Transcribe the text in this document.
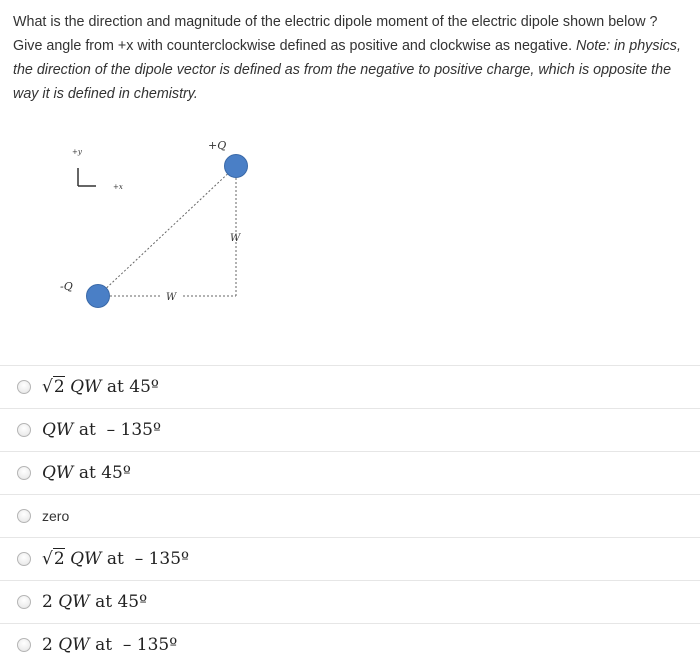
What is the direction and magnitude of the electric dipole moment of the electric dipole shown below ? Give angle from +x with counterclockwise defined as positive and clockwise as negative. Note: in physics, the direction of the dipole vector is defined as from the negative to positive charge, which is opposite the way it is defined in chemistry.
+y
+x
+Q
-Q
W
W
√2 QW at 45º
QW at – 135º
QW at 45º
zero
√2 QW at – 135º
2 QW at 45º
2 QW at – 135º
